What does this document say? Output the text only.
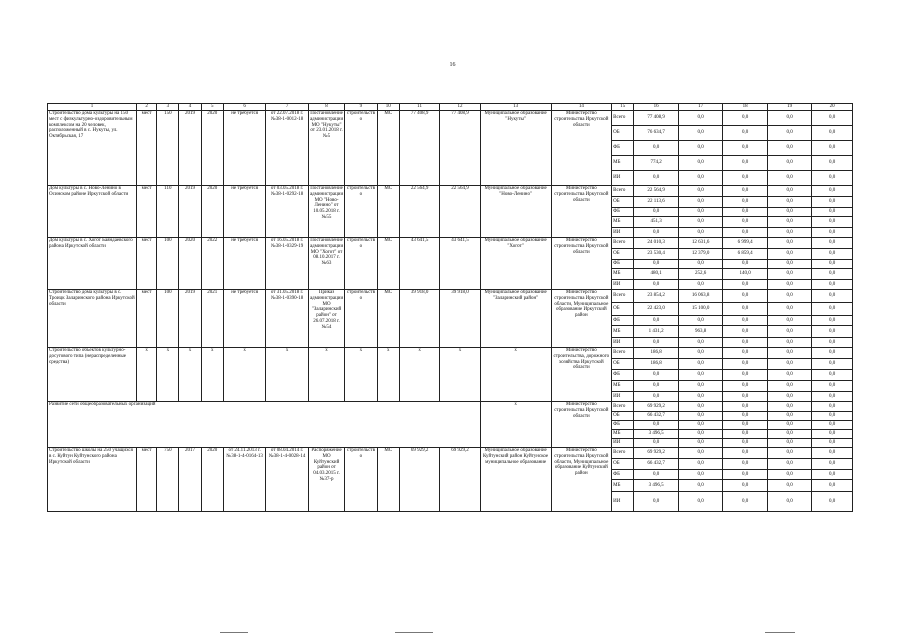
16
1	2	3	4	5	6	7	8	9	10	11	12	13	14	15	16	17	18	19	20
Строительство дома культуры на 150 мест с физкультурно-оздоровительным комплексом на 20 человек, расположенный в с. Нукуты, ул. Октябрьская, 17	мест	150	2019	2020	не требуется	от 22.07.2018 г. №38-1-0012-18	Постановление администрации МО "Нукуты" от 23.01.2018 г. №5	строительство	МС	77 408,9	77 408,9	Муниципальное образование "Нукуты"	Министерство строительства Иркутской области	Всего	77 408,9	0,0	0,0	0,0	0,0
														ОБ	76 634,7	0,0	0,0	0,0	0,0
														ФБ	0,0	0,0	0,0	0,0	0,0
														МБ	774,2	0,0	0,0	0,0	0,0
														ИИ	0,0	0,0	0,0	0,0	0,0
Дом культуры в с. Ново-Ленино в Осинском районе Иркутской области	мест	110	2019	2020	не требуется	от 03.05.2018 г. №38-1-0292-18	Постановление администрации МО "Ново-Ленино" от 10.05.2018 г. №55	строительство	МС	22 564,9	22 564,9	Муниципальное образование "Ново-Ленино"	Министерство строительства Иркутской области	Всего	22 564,9	0,0	0,0	0,0	0,0
														ОБ	22 113,6	0,0	0,0	0,0	0,0
														ФБ	0,0	0,0	0,0	0,0	0,0
														МБ	451,3	0,0	0,0	0,0	0,0
														ИИ	0,0	0,0	0,0	0,0	0,0
Дом культуры в с. Хогот Баяндаевского района Иркутской области	мест	100	2020	2022	не требуется	от 16.05.2018 г. №38-1-0329-19	Постановление администрации МО "Хогот" от 08.10.2017 г. №63	строительство	МС	43 641,5	43 641,5	Муниципальное образование "Хогот"	Министерство строительства Иркутской области	Всего	24 010,3	12 631,6	6 999,4	0,0	0,0
														ОБ	23 530,4	12 379,0	6 859,4	0,0	0,0
														ФБ	0,0	0,0	0,0	0,0	0,0
														МБ	480,1	252,6	140,0	0,0	0,0
														ИИ	0,0	0,0	0,0	0,0	0,0
Строительство дома культуры в с. Троицк Заларинского района Иркутской области	мест	100	2019	2021	не требуется	от 31.05.2018 г. №38-1-0390-18	Приказ администрации МО "Заларинский район" от 26.07.2018 г. №54	строительство	МС	39 918,0	39 918,0	Муниципальное образование "Заларинский район"	Министерство строительства Иркутской области, Муниципальное образование Иркутский район	Всего	23 854,2	16 063,8	0,0	0,0	0,0
														ОБ	22 423,0	15 100,0	0,0	0,0	0,0
														ФБ	0,0	0,0	0,0	0,0	0,0
														МБ	1 431,2	963,8	0,0	0,0	0,0
														ИИ	0,0	0,0	0,0	0,0	0,0
Строительство объектов культурно-досугового типа (нераспределенные средства)	x	x	x	x	x	x	x	x	x	x	x	x	Министерство строительства, дорожного хозяйства Иркутской области	Всего	186,8	0,0	0,0	0,0	0,0
														ОБ	186,8	0,0	0,0	0,0	0,0
														ФБ	0,0	0,0	0,0	0,0	0,0
														МБ	0,0	0,0	0,0	0,0	0,0
														ИИ	0,0	0,0	0,0	0,0	0,0
Развитие сети общеобразовательных организаций												x	Министерство строительства Иркутской области	Всего	69 929,2	0,0	0,0	0,0	0,0
														ОБ	66 432,7	0,0	0,0	0,0	0,0
														ФБ	0,0	0,0	0,0	0,0	0,0
														МБ	3 496,5	0,0	0,0	0,0	0,0
														ИИ	0,0	0,0	0,0	0,0	0,0
Строительство школы на 250 учащихся в с. Куйтун Куйтунского района Иркутской области	мест	750	2017	2020	от 24.11.2013 г. №38-1-4-0164-13	от 08.04.2014 г. №38-1-4-0028-14	Распоряжение МО Куйтунский район от 04.03.2015 г. №37-р	строительство	МС	69 929,2	69 929,2	Муниципальное образование Куйтунский район Куйтунское муниципальное образование	Министерство строительства Иркутской области, Муниципальное образование Куйтунский район	Всего	69 929,2	0,0	0,0	0,0	0,0
														ОБ	66 432,7	0,0	0,0	0,0	0,0
														ФБ	0,0	0,0	0,0	0,0	0,0
														МБ	3 496,5	0,0	0,0	0,0	0,0
														ИИ	0,0	0,0	0,0	0,0	0,0
